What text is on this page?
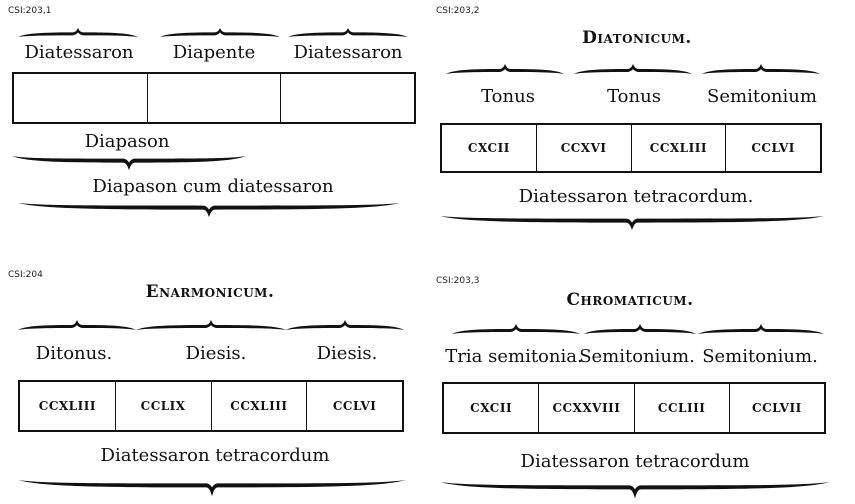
CSI:203,1
Diatessaron Diapente Diatessaron
Diapason
Diapason cum diatessaron
CSI:203,2
Diatonicum.
Tonus	Tonus	Semitonium
CXCII	CCXVI	CCXLIII	CCLVI
Diatessaron tetracordum.
CSI:204
Enarmonicum.
Ditonus.	Diesis.	Diesis.
CCXLIII	CCLIX	CCXLIII	CCLVI
Diatessaron tetracordum
CSI:203,3
Chromaticum.
Tria semitonia.
Semitonium. Semitonium.
CXCII	CCXXVIII	CCLIII	CCLVII
Diatessaron tetracordum
